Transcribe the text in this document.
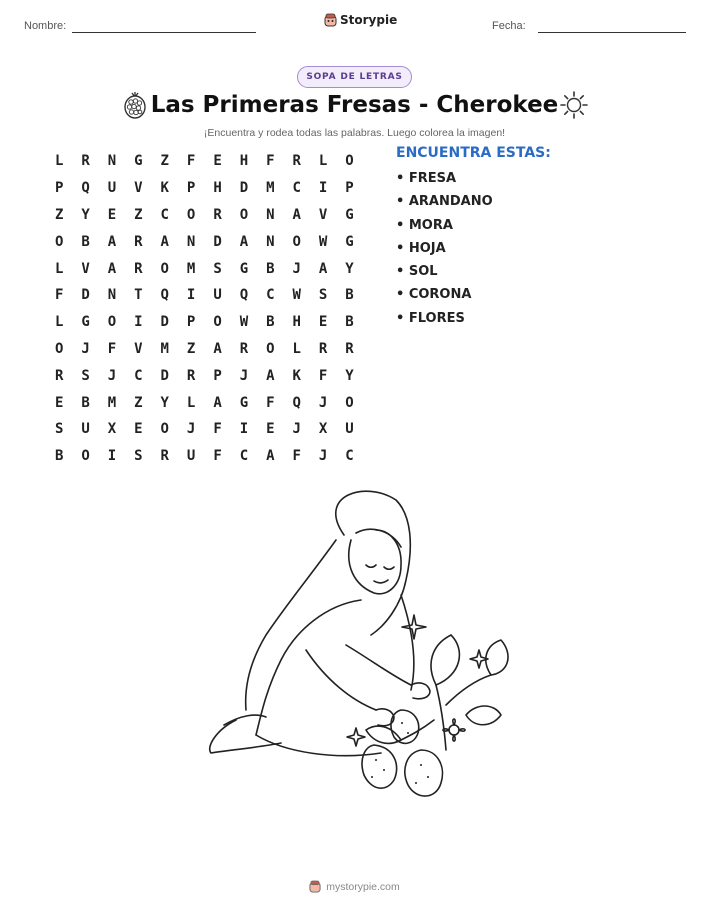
Nombre:	Storypie	Fecha:
SOPA DE LETRAS
Las Primeras Fresas - Cherokee
¡Encuentra y rodea todas las palabras. Luego colorea la imagen!
L	R	N	G	Z	F	E	H	F	R	L	O
P	Q	U	V	K	P	H	D	M	C	I	P
Z	Y	E	Z	C	O	R	O	N	A	V	G
O	B	A	R	A	N	D	A	N	O	W	G
L	V	A	R	O	M	S	G	B	J	A	Y
F	D	N	T	Q	I	U	Q	C	W	S	B
L	G	O	I	D	P	O	W	B	H	E	B
O	J	F	V	M	Z	A	R	O	L	R	R
R	S	J	C	D	R	P	J	A	K	F	Y
E	B	M	Z	Y	L	A	G	F	Q	J	O
S	U	X	E	O	J	F	I	E	J	X	U
B	O	I	S	R	U	F	C	A	F	J	C
ENCUENTRA ESTAS:
• FRESA
• ARANDANO
• MORA
• HOJA
• SOL
• CORONA
• FLORES
mystorypie.com
